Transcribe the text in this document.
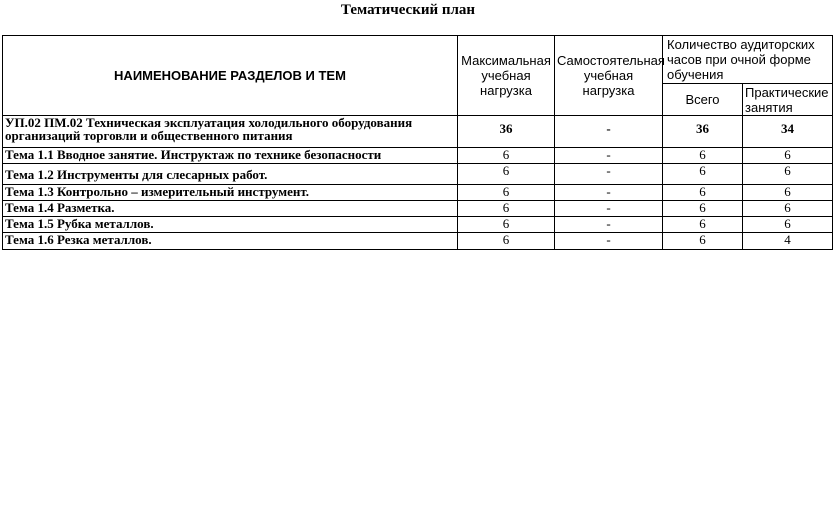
Тематический план
НАИМЕНОВАНИЕ РАЗДЕЛОВ И ТЕМ	Максимальная учебная нагрузка	Самостоятельная учебная нагрузка	Количество аудиторских
часов при очной форме
обучения	

			Всего	Практические занятия
УП.02 ПМ.02 Техническая эксплуатация холодильного оборудования организаций торговли и общественного питания	36	-	36	34
Тема 1.1 Вводное занятие. Инструктаж по технике безопасности	6	-	6	6
Тема 1.2 Инструменты для слесарных работ.	6	-	6	6
Тема 1.3 Контрольно – измерительный инструмент.	6	-	6	6
Тема 1.4 Разметка.	6	-	6	6
Тема 1.5 Рубка металлов.	6	-	6	6
Тема 1.6 Резка металлов.	6	-	6	4
